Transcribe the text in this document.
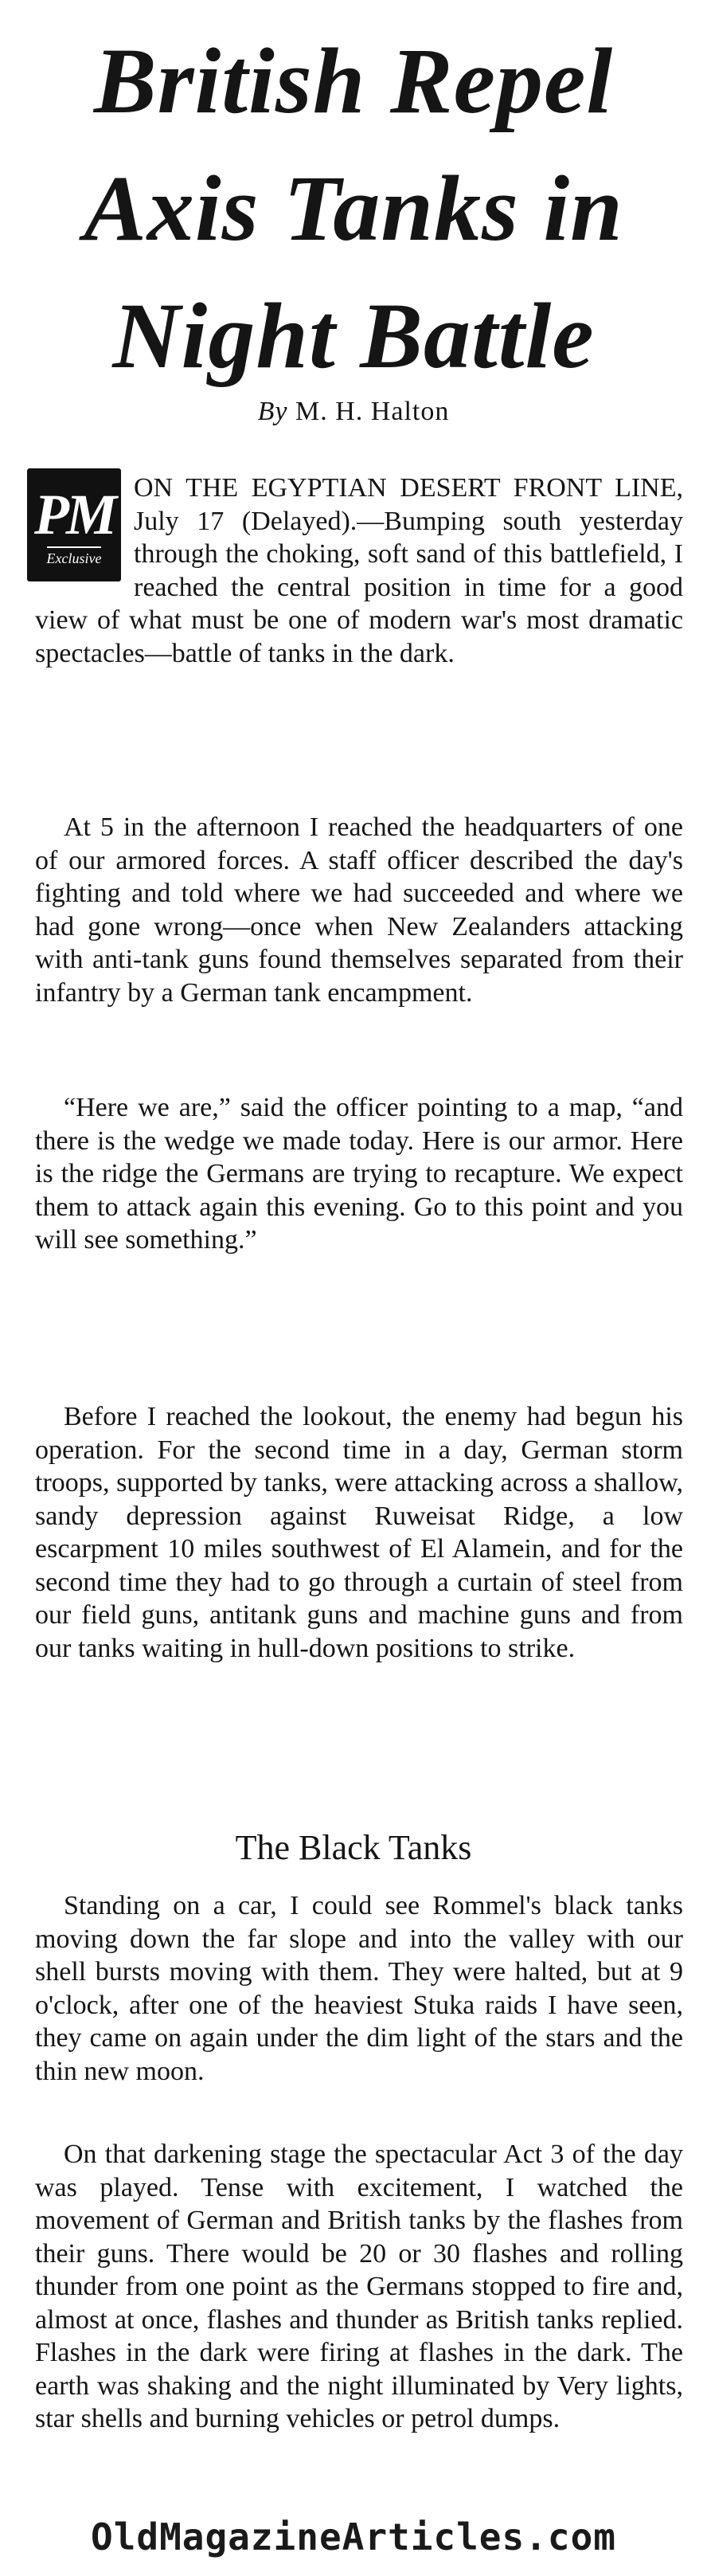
British Repel
Axis Tanks in
Night Battle
By M. H. Halton
PM
Exclusive
ON THE EGYPTIAN DESERT FRONT LINE, July 17 (Delayed).—Bumping south yesterday through the choking, soft sand of this battlefield, I reached the central position in time for a good view of what must be one of modern war's most dramatic spectacles—battle of tanks in the dark.
At 5 in the afternoon I reached the headquarters of one of our armored forces. A staff officer described the day's fighting and told where we had succeeded and where we had gone wrong—once when New Zealanders attacking with anti-tank guns found themselves separated from their infantry by a German tank encampment.
“Here we are,” said the officer pointing to a map, “and there is the wedge we made today. Here is our armor. Here is the ridge the Germans are trying to recapture. We expect them to attack again this evening. Go to this point and you will see something.”
Before I reached the lookout, the enemy had begun his operation. For the second time in a day, German storm troops, supported by tanks, were attacking across a shallow, sandy depression against Ruweisat Ridge, a low escarpment 10 miles southwest of El Alamein, and for the second time they had to go through a curtain of steel from our field guns, antitank guns and machine guns and from our tanks waiting in hull-down positions to strike.
The Black Tanks
Standing on a car, I could see Rommel's black tanks moving down the far slope and into the valley with our shell bursts moving with them. They were halted, but at 9 o'clock, after one of the heaviest Stuka raids I have seen, they came on again under the dim light of the stars and the thin new moon.
On that darkening stage the spectacular Act 3 of the day was played. Tense with excitement, I watched the movement of German and British tanks by the flashes from their guns. There would be 20 or 30 flashes and rolling thunder from one point as the Germans stopped to fire and, almost at once, flashes and thunder as British tanks replied. Flashes in the dark were firing at flashes in the dark. The earth was shaking and the night illuminated by Very lights, star shells and burning vehicles or petrol dumps.
OldMagazineArticles.com
